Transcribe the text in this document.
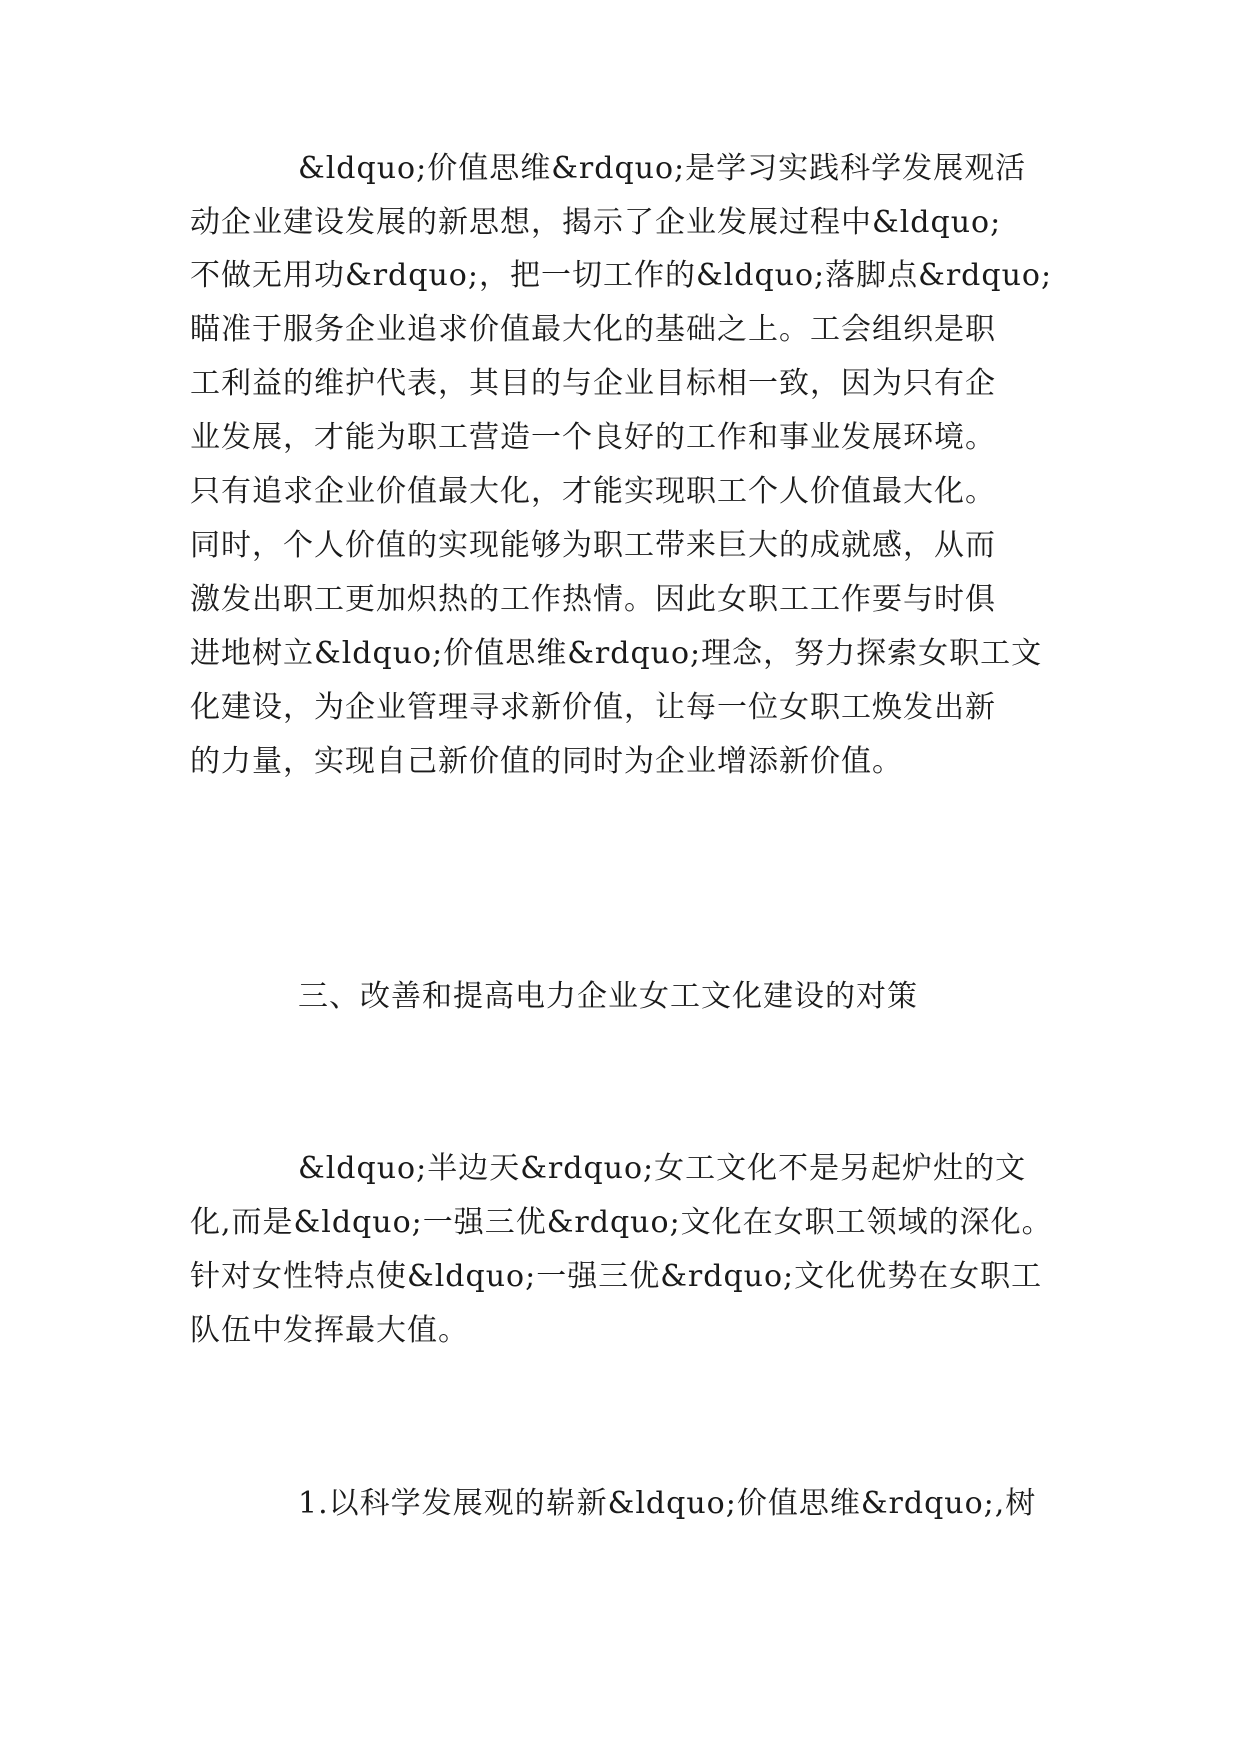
&ldquo;价值思维&rdquo;是学习实践科学发展观活

动企业建设发展的新思想，揭示了企业发展过程中&ldquo;

不做无用功&rdquo;，把一切工作的&ldquo;落脚点&rdquo;

瞄准于服务企业追求价值最大化的基础之上。工会组织是职

工利益的维护代表，其目的与企业目标相一致，因为只有企

业发展，才能为职工营造一个良好的工作和事业发展环境。

只有追求企业价值最大化，才能实现职工个人价值最大化。

同时，个人价值的实现能够为职工带来巨大的成就感，从而

激发出职工更加炽热的工作热情。因此女职工工作要与时俱

进地树立&ldquo;价值思维&rdquo;理念，努力探索女职工文

化建设，为企业管理寻求新价值，让每一位女职工焕发出新

的力量，实现自己新价值的同时为企业增添新价值。

三、改善和提高电力企业女工文化建设的对策

&ldquo;半边天&rdquo;女工文化不是另起炉灶的文

化,而是&ldquo;一强三优&rdquo;文化在女职工领域的深化。

针对女性特点使&ldquo;一强三优&rdquo;文化优势在女职工

队伍中发挥最大值。

1.以科学发展观的崭新&ldquo;价值思维&rdquo;,树
